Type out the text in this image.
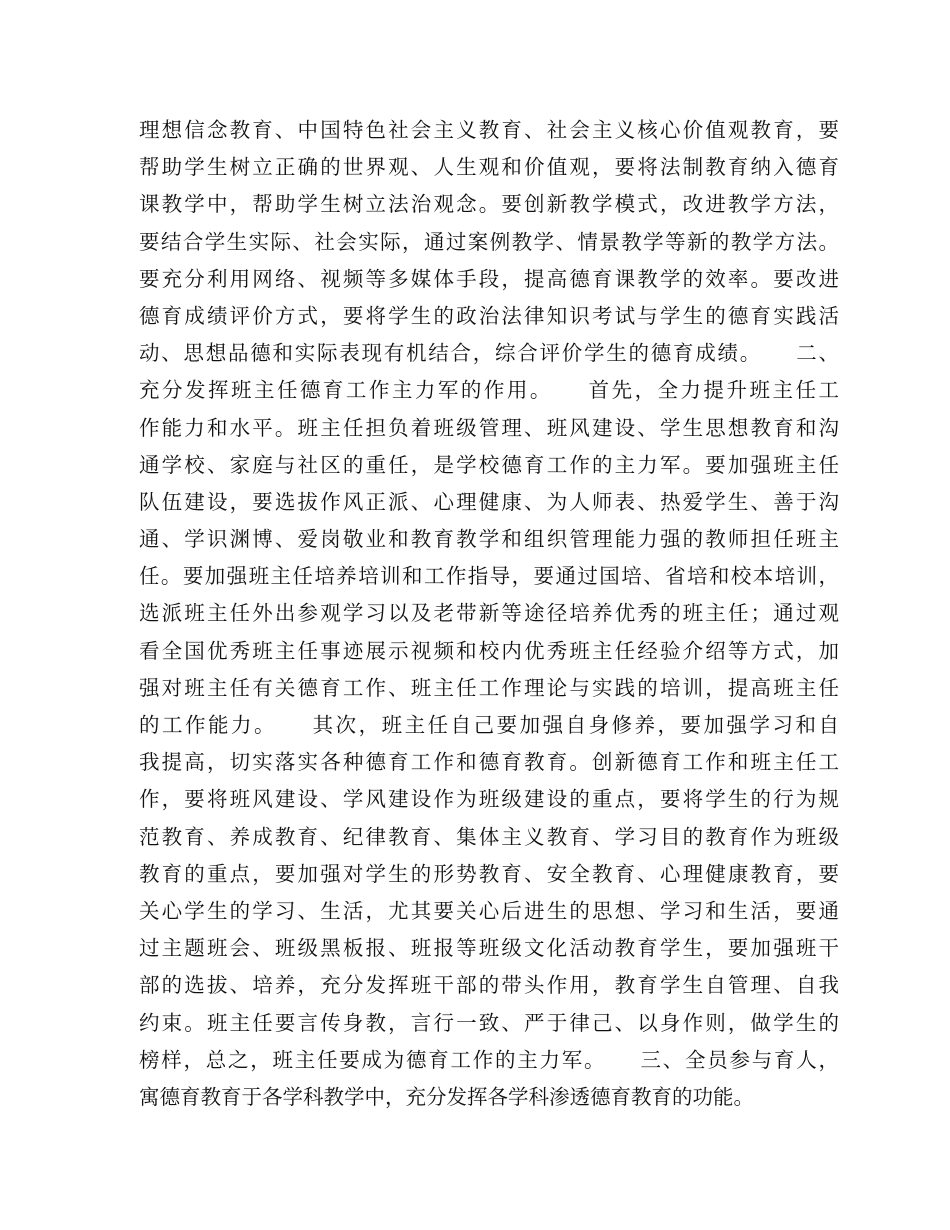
理想信念教育、中国特色社会主义教育、社会主义核心价值观教育，要
帮助学生树立正确的世界观、人生观和价值观，要将法制教育纳入德育
课教学中，帮助学生树立法治观念。要创新教学模式，改进教学方法，
要结合学生实际、社会实际，通过案例教学、情景教学等新的教学方法。
要充分利用网络、视频等多媒体手段，提高德育课教学的效率。要改进
德育成绩评价方式，要将学生的政治法律知识考试与学生的德育实践活
动、思想品德和实际表现有机结合，综合评价学生的德育成绩。　　二、
充分发挥班主任德育工作主力军的作用。　　首先，全力提升班主任工
作能力和水平。班主任担负着班级管理、班风建设、学生思想教育和沟
通学校、家庭与社区的重任，是学校德育工作的主力军。要加强班主任
队伍建设，要选拔作风正派、心理健康、为人师表、热爱学生、善于沟
通、学识渊博、爱岗敬业和教育教学和组织管理能力强的教师担任班主
任。要加强班主任培养培训和工作指导，要通过国培、省培和校本培训，
选派班主任外出参观学习以及老带新等途径培养优秀的班主任；通过观
看全国优秀班主任事迹展示视频和校内优秀班主任经验介绍等方式，加
强对班主任有关德育工作、班主任工作理论与实践的培训，提高班主任
的工作能力。　　其次，班主任自己要加强自身修养，要加强学习和自
我提高，切实落实各种德育工作和德育教育。创新德育工作和班主任工
作，要将班风建设、学风建设作为班级建设的重点，要将学生的行为规
范教育、养成教育、纪律教育、集体主义教育、学习目的教育作为班级
教育的重点，要加强对学生的形势教育、安全教育、心理健康教育，要
关心学生的学习、生活，尤其要关心后进生的思想、学习和生活，要通
过主题班会、班级黑板报、班报等班级文化活动教育学生，要加强班干
部的选拔、培养，充分发挥班干部的带头作用，教育学生自管理、自我
约束。班主任要言传身教，言行一致、严于律己、以身作则，做学生的
榜样，总之，班主任要成为德育工作的主力军。　　三、全员参与育人，
寓德育教育于各学科教学中，充分发挥各学科渗透德育教育的功能。
